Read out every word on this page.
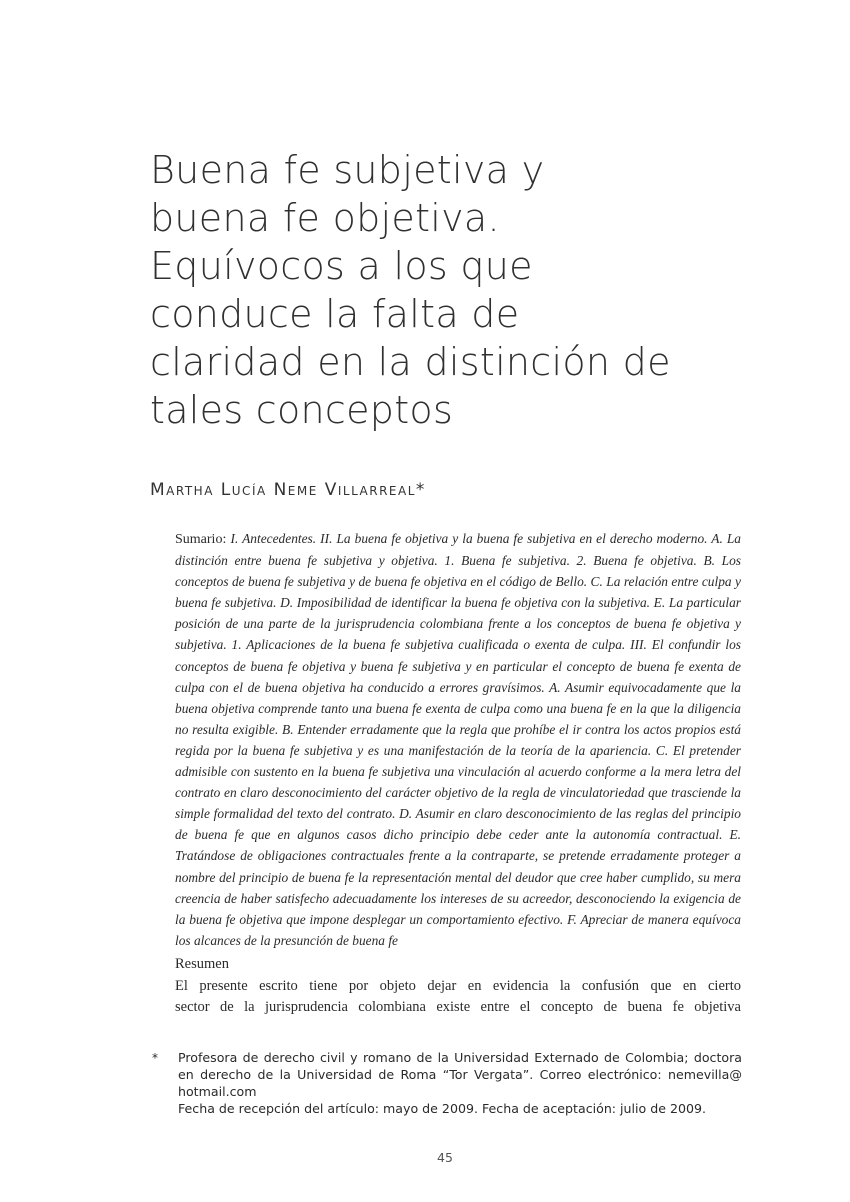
Buena fe subjetiva y
buena fe objetiva.
Equívocos a los que
conduce la falta de
claridad en la distinción de
tales conceptos
Martha Lucía Neme Villarreal*
Sumario: I. Antecedentes. II. La buena fe objetiva y la buena fe subjetiva en el derecho moderno. A. La distinción entre buena fe subjetiva y objetiva. 1. Buena fe subjetiva. 2. Buena fe objetiva. B. Los conceptos de buena fe subjetiva y de buena fe objetiva en el código de Bello. C. La relación entre culpa y buena fe subjetiva. D. Imposibilidad de identificar la buena fe objetiva con la subjetiva. E. La particular posición de una parte de la jurisprudencia colombiana frente a los conceptos de buena fe objetiva y subjetiva. 1. Aplicaciones de la buena fe subjetiva cualificada o exenta de culpa. III. El confundir los conceptos de buena fe objetiva y buena fe subjetiva y en particular el concepto de buena fe exenta de culpa con el de buena objetiva ha conducido a errores gravísimos. A. Asumir equivocadamente que la buena objetiva comprende tanto una buena fe exenta de culpa como una buena fe en la que la diligencia no resulta exigible. B. Entender erradamente que la regla que prohíbe el ir contra los actos propios está regida por la buena fe subjetiva y es una manifestación de la teoría de la apariencia. C. El pretender admisible con sustento en la buena fe subjetiva una vinculación al acuerdo conforme a la mera letra del contrato en claro desconocimiento del carácter objetivo de la regla de vinculatoriedad que trasciende la simple formalidad del texto del contrato. D. Asumir en claro desconocimiento de las reglas del principio de buena fe que en algunos casos dicho principio debe ceder ante la autonomía contractual. E. Tratándose de obligaciones contractuales frente a la contraparte, se pretende erradamente proteger a nombre del principio de buena fe la representación mental del deudor que cree haber cumplido, su mera creencia de haber satisfecho adecuadamente los intereses de su acreedor, desconociendo la exigencia de la buena fe objetiva que impone desplegar un comportamiento efectivo. F. Apreciar de manera equívoca los alcances de la presunción de buena fe
Resumen
El presente escrito tiene por objeto dejar en evidencia la confusión que en cierto
sector de la jurisprudencia colombiana existe entre el concepto de buena fe objetiva
* Profesora de derecho civil y romano de la Universidad Externado de Colombia; doctora
en derecho de la Universidad de Roma “Tor Vergata”. Correo electrónico: nemevilla@
hotmail.com
Fecha de recepción del artículo: mayo de 2009. Fecha de aceptación: julio de 2009.
45
